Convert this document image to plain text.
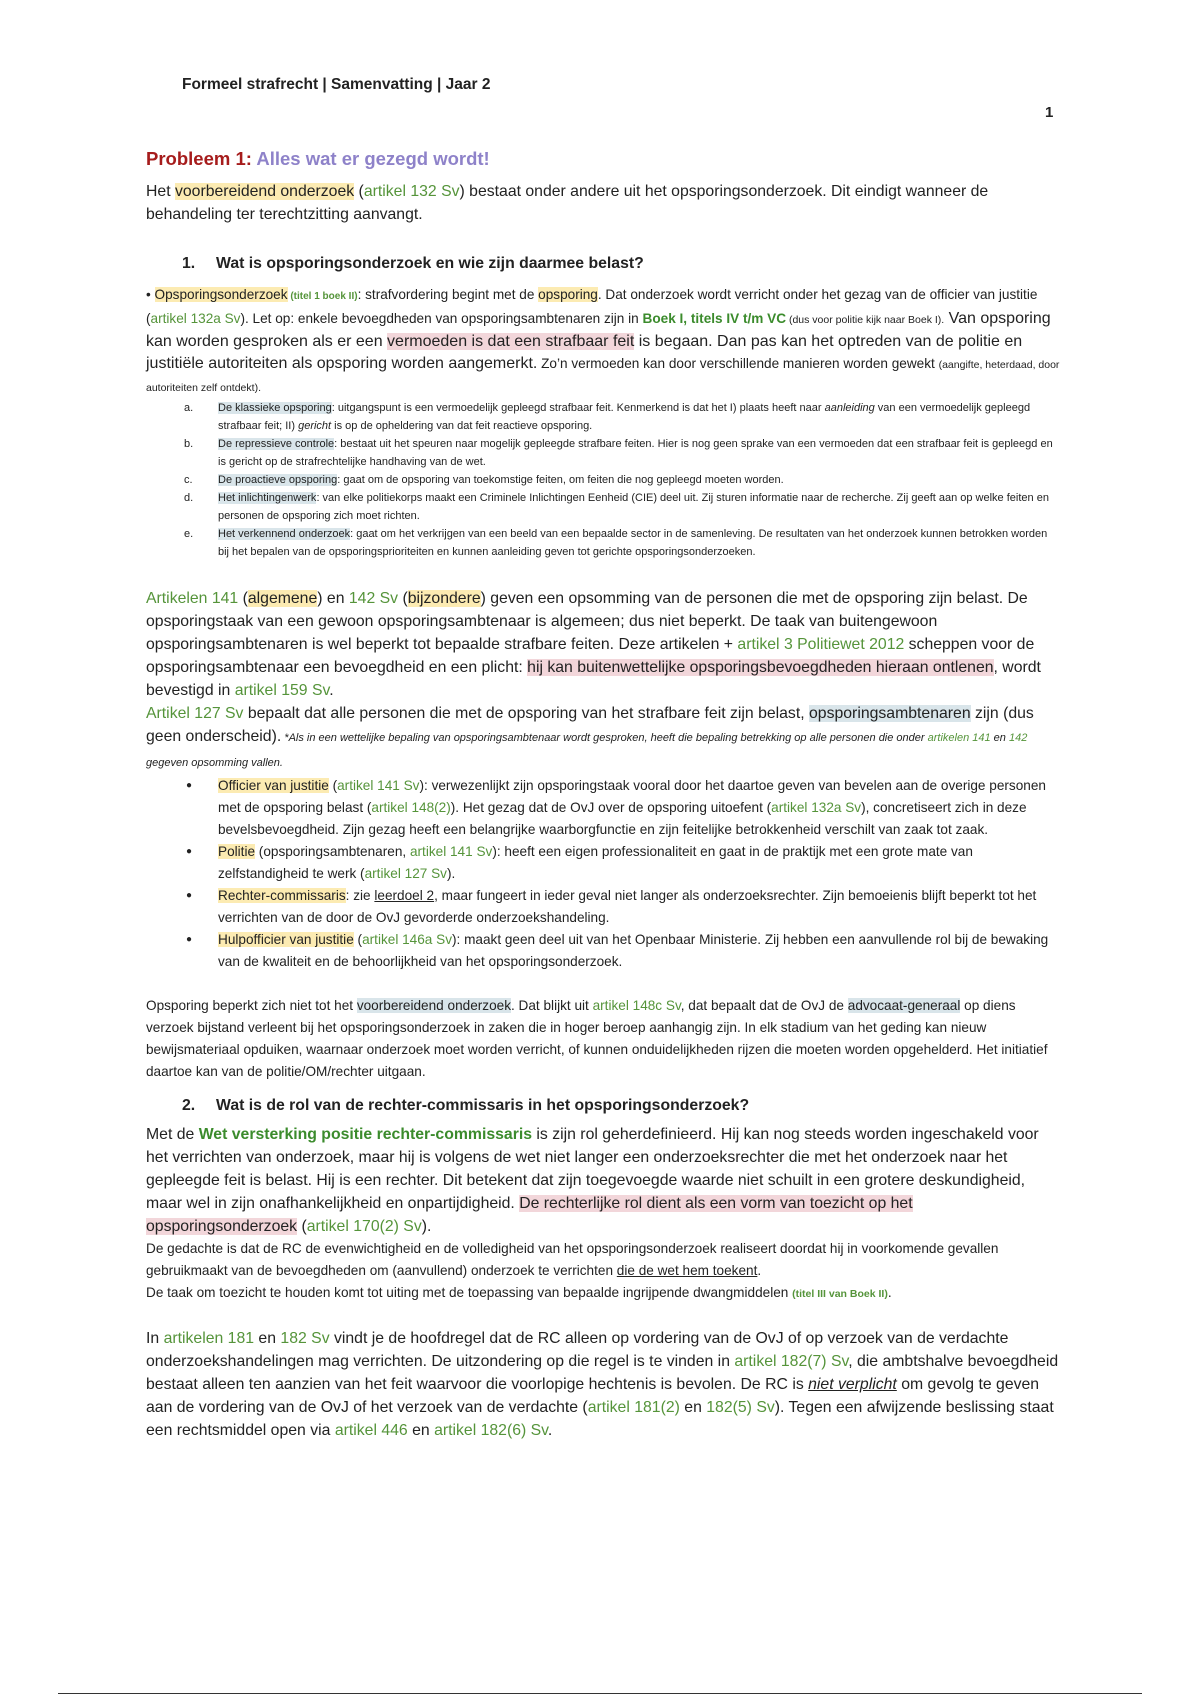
Formeel strafrecht | Samenvatting | Jaar 2
1
Probleem 1: Alles wat er gezegd wordt!

Het voorbereidend onderzoek (artikel 132 Sv) bestaat onder andere uit het opsporingsonderzoek. Dit eindigt wanneer de behandeling ter terechtzitting aanvangt.

1. Wat is opsporingsonderzoek en wie zijn daarmee belast?

• Opsporingsonderzoek (titel 1 boek II): strafvordering begint met de opsporing. Dat onderzoek wordt verricht onder het gezag van de officier van justitie (artikel 132a Sv). Let op: enkele bevoegdheden van opsporingsambtenaren zijn in Boek I, titels IV t/m VC (dus voor politie kijk naar Boek I). Van opsporing kan worden gesproken als er een vermoeden is dat een strafbaar feit is begaan. Dan pas kan het optreden van de politie en justitiële autoriteiten als opsporing worden aangemerkt. Zo’n vermoeden kan door verschillende manieren worden gewekt (aangifte, heterdaad, door autoriteiten zelf ontdekt).

a. De klassieke opsporing: uitgangspunt is een vermoedelijk gepleegd strafbaar feit. Kenmerkend is dat het I) plaats heeft naar aanleiding van een vermoedelijk gepleegd strafbaar feit; II) gericht is op de opheldering van dat feit reactieve opsporing.
b. De repressieve controle: bestaat uit het speuren naar mogelijk gepleegde strafbare feiten. Hier is nog geen sprake van een vermoeden dat een strafbaar feit is gepleegd en is gericht op de strafrechtelijke handhaving van de wet.
c. De proactieve opsporing: gaat om de opsporing van toekomstige feiten, om feiten die nog gepleegd moeten worden.
d. Het inlichtingenwerk: van elke politiekorps maakt een Criminele Inlichtingen Eenheid (CIE) deel uit. Zij sturen informatie naar de recherche. Zij geeft aan op welke feiten en personen de opsporing zich moet richten.
e. Het verkennend onderzoek: gaat om het verkrijgen van een beeld van een bepaalde sector in de samenleving. De resultaten van het onderzoek kunnen betrokken worden bij het bepalen van de opsporingsprioriteiten en kunnen aanleiding geven tot gerichte opsporingsonderzoeken.

Artikelen 141 (algemene) en 142 Sv (bijzondere) geven een opsomming van de personen die met de opsporing zijn belast. De opsporingstaak van een gewoon opsporingsambtenaar is algemeen; dus niet beperkt. De taak van buitengewoon opsporingsambtenaren is wel beperkt tot bepaalde strafbare feiten. Deze artikelen + artikel 3 Politiewet 2012 scheppen voor de opsporingsambtenaar een bevoegdheid en een plicht: hij kan buitenwettelijke opsporingsbevoegdheden hieraan ontlenen, wordt bevestigd in artikel 159 Sv.

Artikel 127 Sv bepaalt dat alle personen die met de opsporing van het strafbare feit zijn belast, opsporingsambtenaren zijn (dus geen onderscheid). *Als in een wettelijke bepaling van opsporingsambtenaar wordt gesproken, heeft die bepaling betrekking op alle personen die onder artikelen 141 en 142 gegeven opsomming vallen.

● Officier van justitie (artikel 141 Sv): verwezenlijkt zijn opsporingstaak vooral door het daartoe geven van bevelen aan de overige personen met de opsporing belast (artikel 148(2)). Het gezag dat de OvJ over de opsporing uitoefent (artikel 132a Sv), concretiseert zich in deze bevelsbevoegdheid. Zijn gezag heeft een belangrijke waarborgfunctie en zijn feitelijke betrokkenheid verschilt van zaak tot zaak.
● Politie (opsporingsambtenaren, artikel 141 Sv): heeft een eigen professionaliteit en gaat in de praktijk met een grote mate van zelfstandigheid te werk (artikel 127 Sv).
● Rechter-commissaris: zie leerdoel 2, maar fungeert in ieder geval niet langer als onderzoeksrechter. Zijn bemoeienis blijft beperkt tot het verrichten van de door de OvJ gevorderde onderzoekshandeling.
● Hulpofficier van justitie (artikel 146a Sv): maakt geen deel uit van het Openbaar Ministerie. Zij hebben een aanvullende rol bij de bewaking van de kwaliteit en de behoorlijkheid van het opsporingsonderzoek.

Opsporing beperkt zich niet tot het voorbereidend onderzoek. Dat blijkt uit artikel 148c Sv, dat bepaalt dat de OvJ de advocaat-generaal op diens verzoek bijstand verleent bij het opsporingsonderzoek in zaken die in hoger beroep aanhangig zijn. In elk stadium van het geding kan nieuw bewijsmateriaal opduiken, waarnaar onderzoek moet worden verricht, of kunnen onduidelijkheden rijzen die moeten worden opgehelderd. Het initiatief daartoe kan van de politie/OM/rechter uitgaan.

2. Wat is de rol van de rechter-commissaris in het opsporingsonderzoek?

Met de Wet versterking positie rechter-commissaris is zijn rol geherdefinieerd. Hij kan nog steeds worden ingeschakeld voor het verrichten van onderzoek, maar hij is volgens de wet niet langer een onderzoeksrechter die met het onderzoek naar het gepleegde feit is belast. Hij is een rechter. Dit betekent dat zijn toegevoegde waarde niet schuilt in een grotere deskundigheid, maar wel in zijn onafhankelijkheid en onpartijdigheid. De rechterlijke rol dient als een vorm van toezicht op het opsporingsonderzoek (artikel 170(2) Sv).

De gedachte is dat de RC de evenwichtigheid en de volledigheid van het opsporingsonderzoek realiseert doordat hij in voorkomende gevallen gebruikmaakt van de bevoegdheden om (aanvullend) onderzoek te verrichten die de wet hem toekent.
De taak om toezicht te houden komt tot uiting met de toepassing van bepaalde ingrijpende dwangmiddelen (titel III van Boek II).

In artikelen 181 en 182 Sv vindt je de hoofdregel dat de RC alleen op vordering van de OvJ of op verzoek van de verdachte onderzoekshandelingen mag verrichten. De uitzondering op die regel is te vinden in artikel 182(7) Sv, die ambtshalve bevoegdheid bestaat alleen ten aanzien van het feit waarvoor die voorlopige hechtenis is bevolen. De RC is niet verplicht om gevolg te geven aan de vordering van de OvJ of het verzoek van de verdachte (artikel 181(2) en 182(5) Sv). Tegen een afwijzende beslissing staat een rechtsmiddel open via artikel 446 en artikel 182(6) Sv.
